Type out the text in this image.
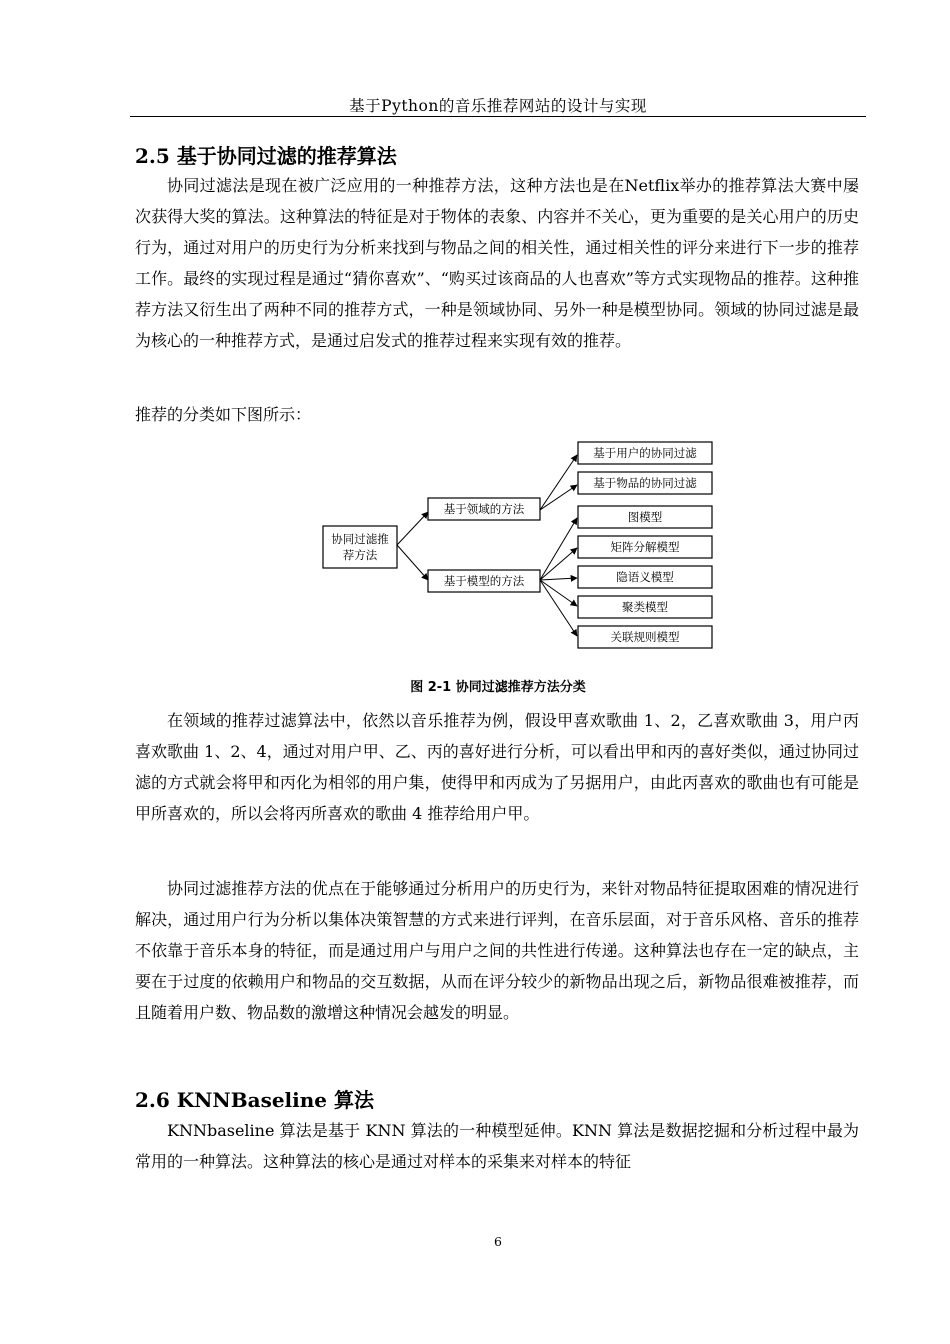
基于Python的音乐推荐网站的设计与实现
2.5 基于协同过滤的推荐算法

协同过滤法是现在被广泛应用的一种推荐方法，这种方法也是在Netflix举办的推荐算法大赛中屡次获得大奖的算法。这种算法的特征是对于物体的表象、内容并不关心，更为重要的是关心用户的历史行为，通过对用户的历史行为分析来找到与物品之间的相关性，通过相关性的评分来进行下一步的推荐工作。最终的实现过程是通过“猜你喜欢”、“购买过该商品的人也喜欢”等方式实现物品的推荐。这种推荐方法又衍生出了两种不同的推荐方式，一种是领域协同、另外一种是模型协同。领域的协同过滤是最为核心的一种推荐方式，是通过启发式的推荐过程来实现有效的推荐。

推荐的分类如下图所示：
协同过滤推
荐方法
基于领域的方法
基于模型的方法
基于用户的协同过滤
基于物品的协同过滤
图模型
矩阵分解模型
隐语义模型
聚类模型
关联规则模型
图 2-1 协同过滤推荐方法分类

在领域的推荐过滤算法中，依然以音乐推荐为例，假设甲喜欢歌曲 1、2，乙喜欢歌曲 3，用户丙喜欢歌曲 1、2、4，通过对用户甲、乙、丙的喜好进行分析，可以看出甲和丙的喜好类似，通过协同过滤的方式就会将甲和丙化为相邻的用户集，使得甲和丙成为了另据用户，由此丙喜欢的歌曲也有可能是甲所喜欢的，所以会将丙所喜欢的歌曲 4 推荐给用户甲。

协同过滤推荐方法的优点在于能够通过分析用户的历史行为，来针对物品特征提取困难的情况进行解决，通过用户行为分析以集体决策智慧的方式来进行评判，在音乐层面，对于音乐风格、音乐的推荐不依靠于音乐本身的特征，而是通过用户与用户之间的共性进行传递。这种算法也存在一定的缺点，主要在于过度的依赖用户和物品的交互数据，从而在评分较少的新物品出现之后，新物品很难被推荐，而且随着用户数、物品数的激增这种情况会越发的明显。

2.6 KNNBaseline 算法

KNNbaseline 算法是基于 KNN 算法的一种模型延伸。KNN 算法是数据挖掘和分析过程中最为常用的一种算法。这种算法的核心是通过对样本的采集来对样本的特征

6
